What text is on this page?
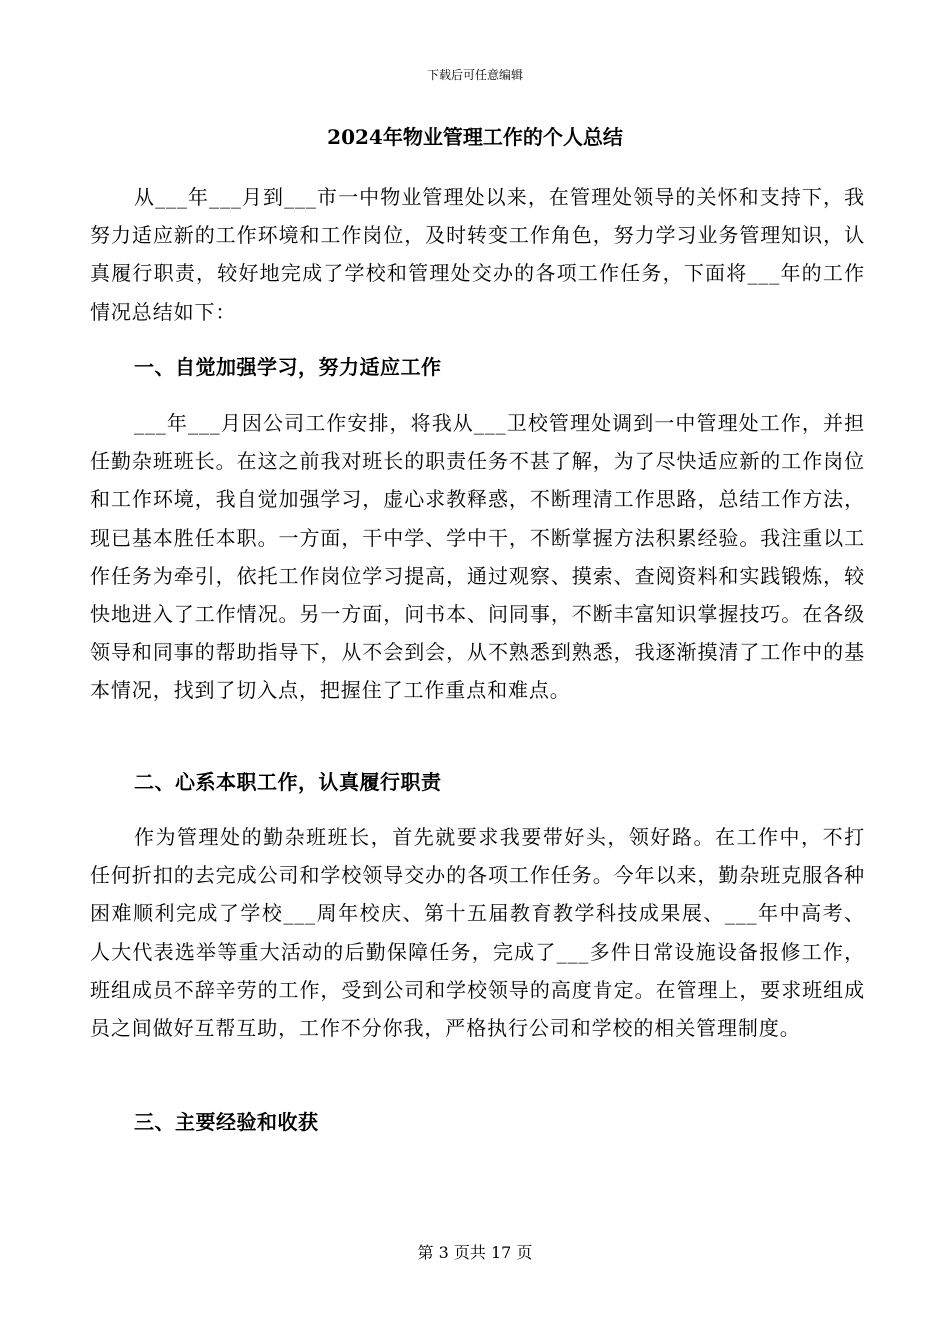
下载后可任意编辑
2024年物业管理工作的个人总结

从___年___月到___市一中物业管理处以来，在管理处领导的关怀和支持下，我努力适应新的工作环境和工作岗位，及时转变工作角色，努力学习业务管理知识，认真履行职责，较好地完成了学校和管理处交办的各项工作任务，下面将___年的工作情况总结如下：

一、自觉加强学习，努力适应工作

___年___月因公司工作安排，将我从___卫校管理处调到一中管理处工作，并担任勤杂班班长。在这之前我对班长的职责任务不甚了解，为了尽快适应新的工作岗位和工作环境，我自觉加强学习，虚心求教释惑，不断理清工作思路，总结工作方法，现已基本胜任本职。一方面，干中学、学中干，不断掌握方法积累经验。我注重以工作任务为牵引，依托工作岗位学习提高，通过观察、摸索、查阅资料和实践锻炼，较快地进入了工作情况。另一方面，问书本、问同事，不断丰富知识掌握技巧。在各级领导和同事的帮助指导下，从不会到会，从不熟悉到熟悉，我逐渐摸清了工作中的基本情况，找到了切入点，把握住了工作重点和难点。

二、心系本职工作，认真履行职责

作为管理处的勤杂班班长，首先就要求我要带好头，领好路。在工作中，不打任何折扣的去完成公司和学校领导交办的各项工作任务。今年以来，勤杂班克服各种困难顺利完成了学校___周年校庆、第十五届教育教学科技成果展、___年中高考、人大代表选举等重大活动的后勤保障任务，完成了___多件日常设施设备报修工作，班组成员不辞辛劳的工作，受到公司和学校领导的高度肯定。在管理上，要求班组成员之间做好互帮互助，工作不分你我，严格执行公司和学校的相关管理制度。

三、主要经验和收获
第 3 页共 17 页
